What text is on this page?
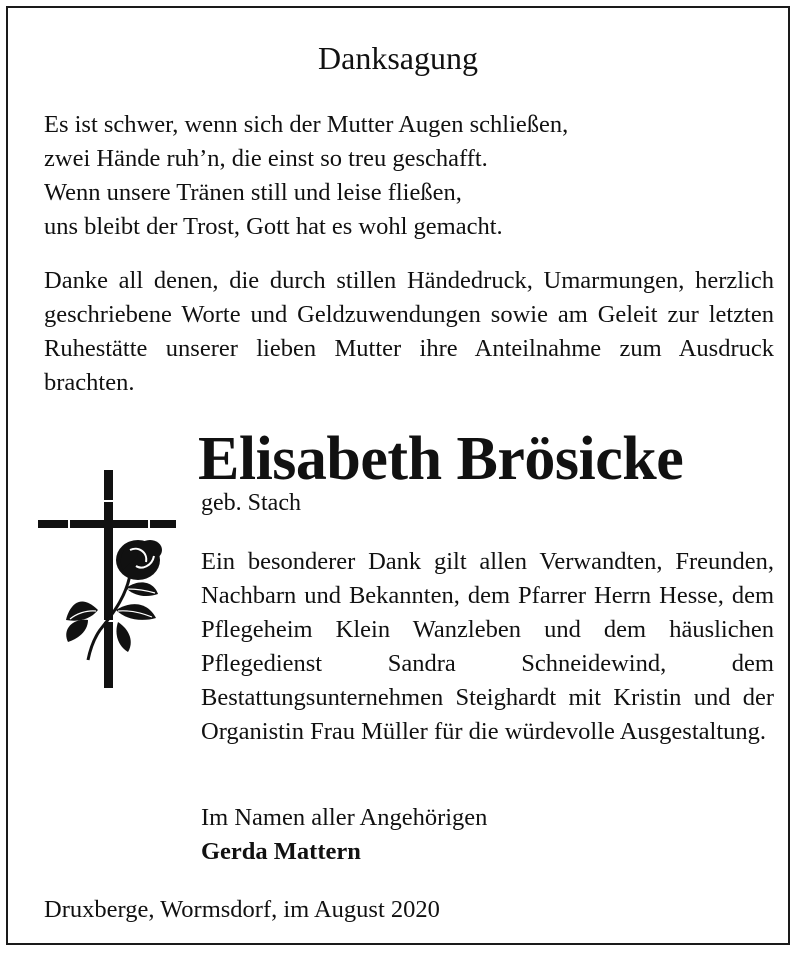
Danksagung
Es ist schwer, wenn sich der Mutter Augen schließen,
zwei Hände ruh’n, die einst so treu geschafft.
Wenn unsere Tränen still und leise fließen,
uns bleibt der Trost, Gott hat es wohl gemacht.
Danke all denen, die durch stillen Händedruck, Umarmungen, herzlich geschriebene Worte und Geldzuwendungen sowie am Geleit zur letzten Ruhestätte unserer lieben Mutter ihre Anteilnahme zum Ausdruck brachten.
Elisabeth Brösicke
geb. Stach
Ein besonderer Dank gilt allen Verwandten, Freunden, Nachbarn und Bekannten, dem Pfarrer Herrn Hesse, dem Pflegeheim Klein Wanzleben und dem häuslichen Pflegedienst Sandra Schneidewind, dem Bestattungsunternehmen Steighardt mit Kristin und der Organistin Frau Müller für die würdevolle Ausgestaltung.
Im Namen aller Angehörigen
Gerda Mattern
Druxberge, Wormsdorf, im August 2020
